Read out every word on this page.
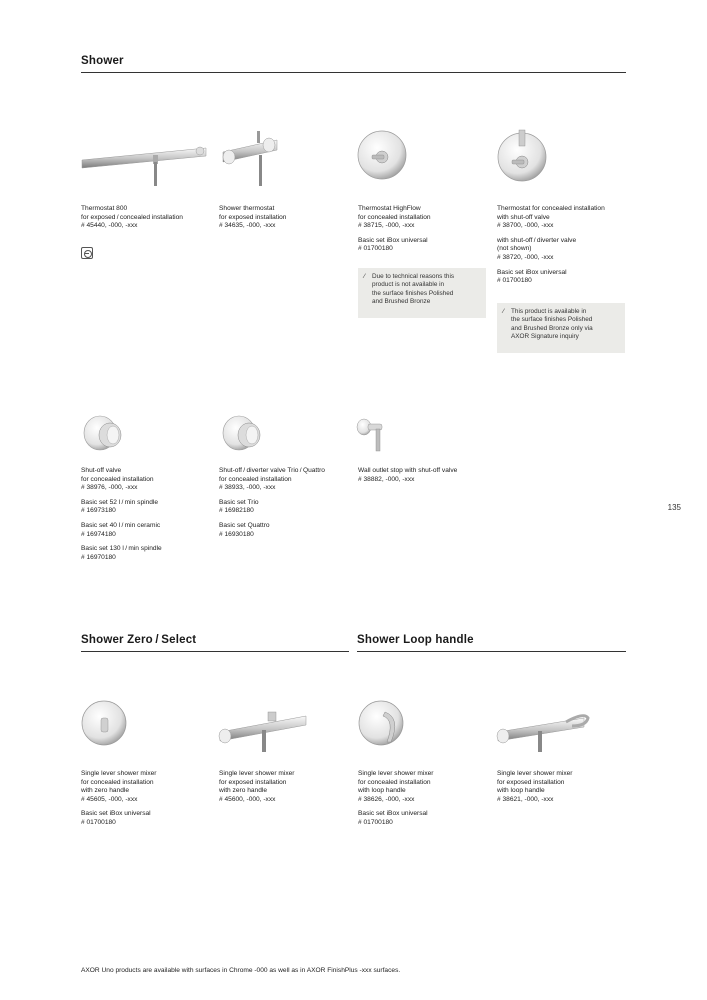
Shower
Thermostat 800
for exposed / concealed installation
# 45440, -000, -xxx
Shower thermostat
for exposed installation
# 34635, -000, -xxx
Thermostat HighFlow
for concealed installation
# 38715, -000, -xxx
Basic set iBox universal
# 01700180
⁄ Due to technical reasons this
product is not available in
the surface finishes Polished
and Brushed Bronze
Thermostat for concealed installation
with shut-off valve
# 38700, -000, -xxx
with shut-off / diverter valve
(not shown)
# 38720, -000, -xxx
Basic set iBox universal
# 01700180
⁄ This product is available in
the surface finishes Polished
and Brushed Bronze only via
AXOR Signature inquiry
Shut-off valve
for concealed installation
# 38976, -000, -xxx
Basic set 52 l / min spindle
# 16973180
Basic set 40 l / min ceramic
# 16974180
Basic set 130 l / min spindle
# 16970180
Shut-off / diverter valve Trio / Quattro
for concealed installation
# 38933, -000, -xxx
Basic set Trio
# 16982180
Basic set Quattro
# 16930180
Wall outlet stop with shut-off valve
# 38882, -000, -xxx
135
Shower Zero / Select	Shower Loop handle
Single lever shower mixer
for concealed installation
with zero handle
# 45605, -000, -xxx
Basic set iBox universal
# 01700180
Single lever shower mixer
for exposed installation
with zero handle
# 45600, -000, -xxx
Single lever shower mixer
for concealed installation
with loop handle
# 38626, -000, -xxx
Basic set iBox universal
# 01700180
Single lever shower mixer
for exposed installation
with loop handle
# 38621, -000, -xxx
AXOR Uno products are available with surfaces in Chrome -000 as well as in AXOR FinishPlus -xxx surfaces.
